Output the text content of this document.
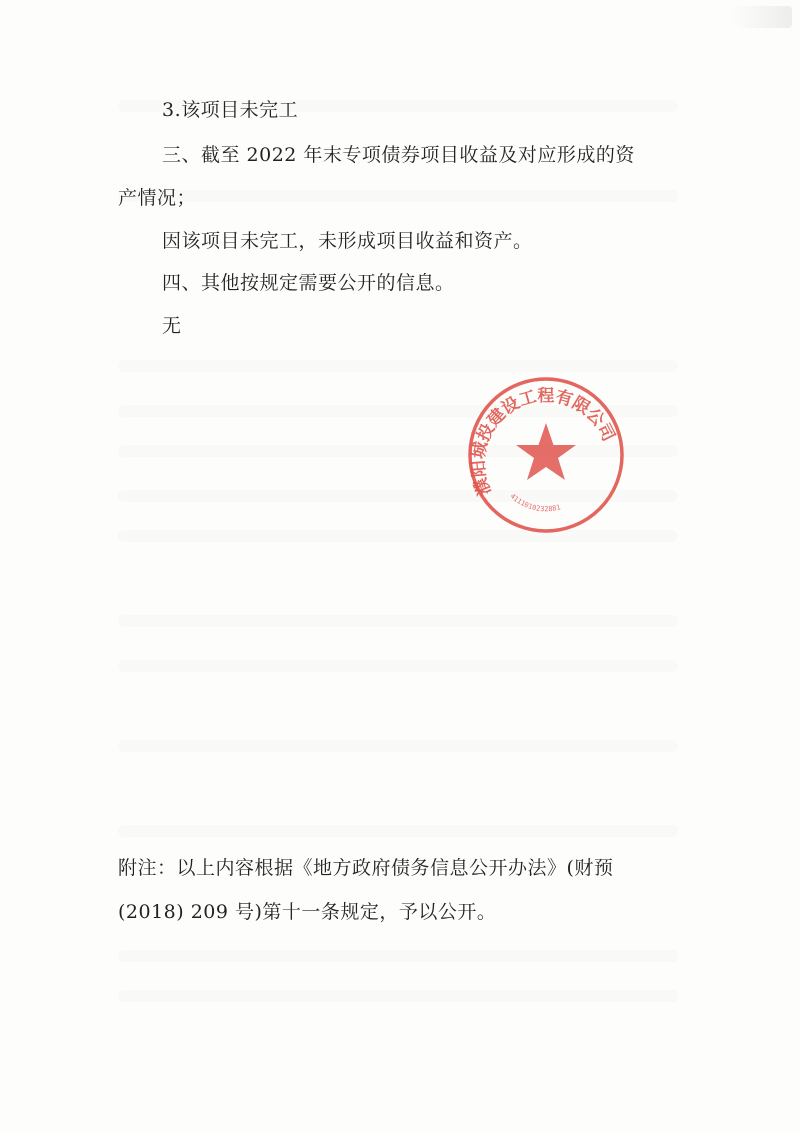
3.该项目未完工
三、截至 2022 年末专项债券项目收益及对应形成的资
产情况；
因该项目未完工，未形成项目收益和资产。
四、其他按规定需要公开的信息。
无
濮阳城投建设工程有限公司
4111010232881
附注：以上内容根据《地方政府债务信息公开办法》(财预
(2018) 209 号)第十一条规定，予以公开。
